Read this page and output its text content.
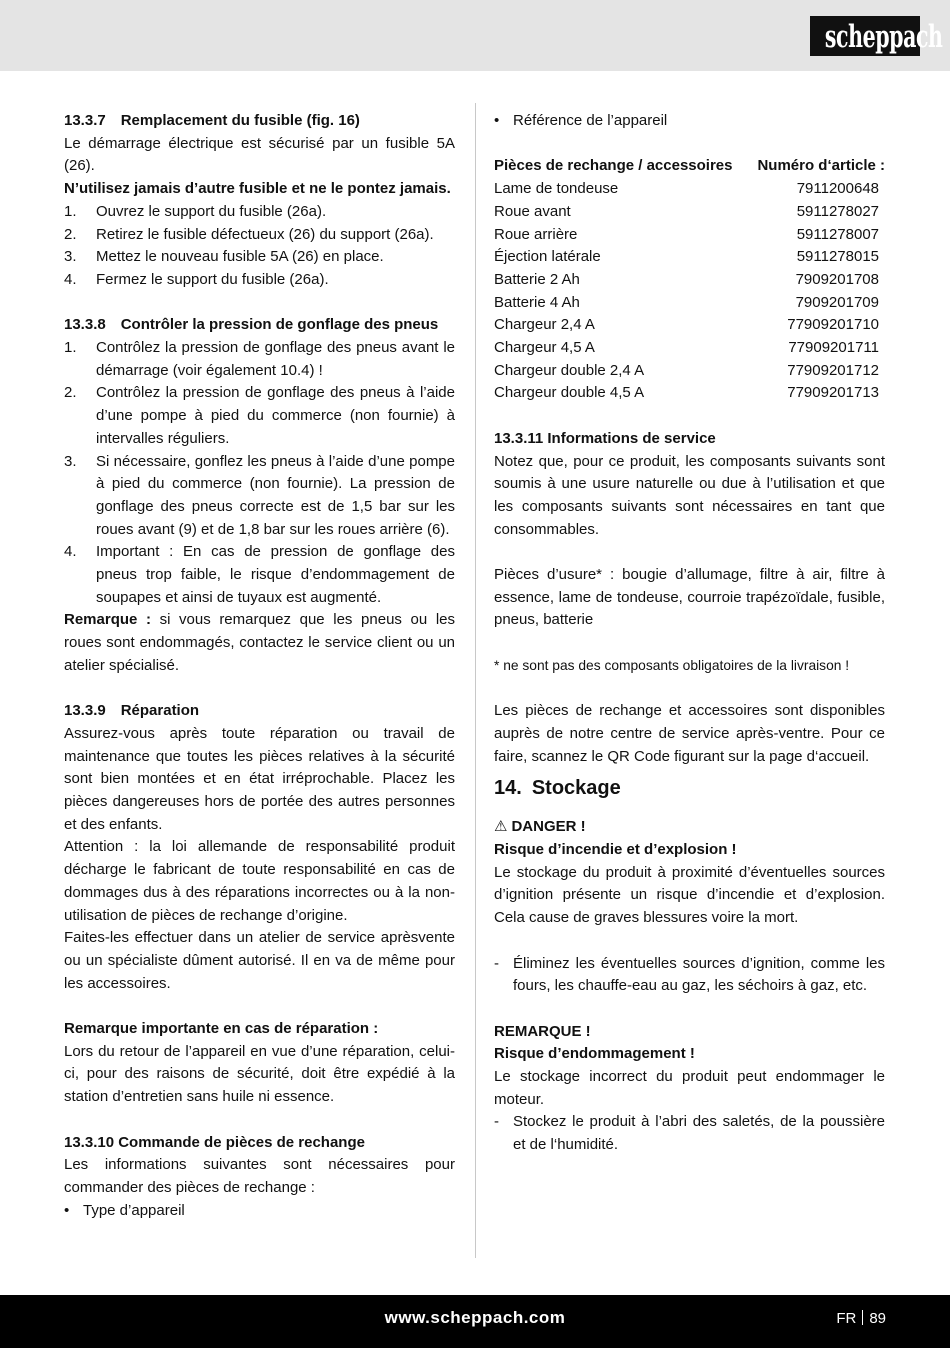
scheppach

13.3.7 Remplacement du fusible (fig. 16)

Le démarrage électrique est sécurisé par un fusible 5A (26).

N’utilisez jamais d’autre fusible et ne le pontez jamais.

1.	Ouvrez le support du fusible (26a).
2.	Retirez le fusible défectueux (26) du support (26a).
3.	Mettez le nouveau fusible 5A (26) en place.
4.	Fermez le support du fusible (26a).

13.3.8 Contrôler la pression de gonflage des pneus

1.	Contrôlez la pression de gonflage des pneus avant le démarrage (voir également 10.4) !
2.	Contrôlez la pression de gonflage des pneus à l’aide d’une pompe à pied du commerce (non fournie) à intervalles réguliers.
3.	Si nécessaire, gonflez les pneus à l’aide d’une pompe à pied du commerce (non fournie). La pression de gonflage des pneus correcte est de 1,5 bar sur les roues avant (9) et de 1,8 bar sur les roues arrière (6).
4.	Important : En cas de pression de gonflage des pneus trop faible, le risque d’endommagement de soupapes et ainsi de tuyaux est augmenté.

Remarque : si vous remarquez que les pneus ou les roues sont endommagés, contactez le service client ou un atelier spécialisé.

13.3.9 Réparation

Assurez-vous après toute réparation ou travail de maintenance que toutes les pièces relatives à la sécurité sont bien montées et en état irréprochable. Placez les pièces dangereuses hors de portée des autres personnes et des enfants.

Attention : la loi allemande de responsabilité produit décharge le fabricant de toute responsabilité en cas de dommages dus à des réparations incorrectes ou à la non-utilisation de pièces de rechange d’origine.

Faites-les effectuer dans un atelier de service aprèsvente ou un spécialiste dûment autorisé. Il en va de même pour les accessoires.

Remarque importante en cas de réparation :

Lors du retour de l’appareil en vue d’une réparation, celui-ci, pour des raisons de sécurité, doit être expédié à la station d’entretien sans huile ni essence.

13.3.10 Commande de pièces de rechange

Les informations suivantes sont nécessaires pour commander des pièces de rechange :

• Type d’appareil
• Référence de l’appareil
Pièces de rechange / accessoires Numéro d‘article :
Lame de tondeuse	7911200648
Roue avant	5911278027
Roue arrière	5911278007
Éjection latérale	5911278015
Batterie 2 Ah	7909201708
Batterie 4 Ah	7909201709
Chargeur 2,4 A	77909201710
Chargeur 4,5 A	77909201711
Chargeur double 2,4 A	77909201712
Chargeur double 4,5 A	77909201713

13.3.11 Informations de service

Notez que, pour ce produit, les composants suivants sont soumis à une usure naturelle ou due à l’utilisation et que les composants suivants sont nécessaires en tant que consommables.

Pièces d’usure* : bougie d’allumage, filtre à air, filtre à essence, lame de tondeuse, courroie trapézoïdale, fusible, pneus, batterie

* ne sont pas des composants obligatoires de la livraison !

Les pièces de rechange et accessoires sont disponibles auprès de notre centre de service après-ventre. Pour ce faire, scannez le QR Code figurant sur la page d‘accueil.

14. Stockage

⚠ DANGER !

Risque d’incendie et d’explosion !

Le stockage du produit à proximité d’éventuelles sources d’ignition présente un risque d’incendie et d’explosion. Cela cause de graves blessures voire la mort.

- Éliminez les éventuelles sources d’ignition, comme les fours, les chauffe-eau au gaz, les séchoirs à gaz, etc.

REMARQUE !

Risque d’endommagement !

Le stockage incorrect du produit peut endommager le moteur.

- Stockez le produit à l’abri des saletés, de la poussière et de l‘humidité.
www.scheppach.com	FR 89
